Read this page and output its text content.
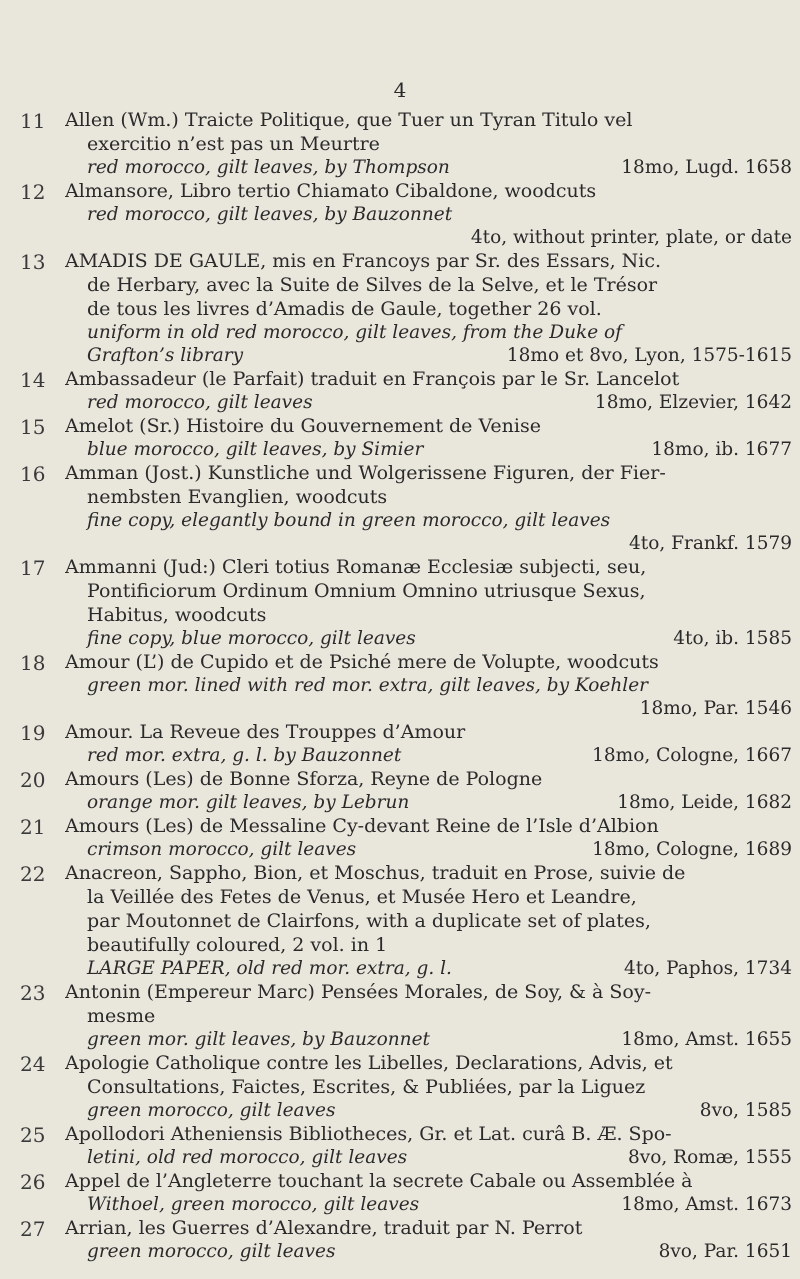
4
11	Allen (Wm.) Traicte Politique, que Tuer un Tyran Titulo vel
exercitio n’est pas un Meurtre
red morocco, gilt leaves, by Thompson	18mo, Lugd. 1658
12	Almansore, Libro tertio Chiamato Cibaldone, woodcuts
red morocco, gilt leaves, by Bauzonnet
4to, without printer, plate, or date
13	AMADIS DE GAULE, mis en Francoys par Sr. des Essars, Nic.
de Herbary, avec la Suite de Silves de la Selve, et le Trésor
de tous les livres d’Amadis de Gaule, together 26 vol.
uniform in old red morocco, gilt leaves, from the Duke of
Grafton’s library	18mo et 8vo, Lyon, 1575-1615
14	Ambassadeur (le Parfait) traduit en François par le Sr. Lancelot
red morocco, gilt leaves	18mo, Elzevier, 1642
15	Amelot (Sr.) Histoire du Gouvernement de Venise
blue morocco, gilt leaves, by Simier	18mo, ib. 1677
16	Amman (Jost.) Kunstliche und Wolgerissene Figuren, der Fier-
nembsten Evanglien, woodcuts
fine copy, elegantly bound in green morocco, gilt leaves
4to, Frankf. 1579
17	Ammanni (Jud:) Cleri totius Romanæ Ecclesiæ subjecti, seu,
Pontificiorum Ordinum Omnium Omnino utriusque Sexus,
Habitus, woodcuts
fine copy, blue morocco, gilt leaves	4to, ib. 1585
18	Amour (L’) de Cupido et de Psiché mere de Volupte, woodcuts
green mor. lined with red mor. extra, gilt leaves, by Koehler
18mo, Par. 1546
19	Amour. La Reveue des Trouppes d’Amour
red mor. extra, g. l. by Bauzonnet	18mo, Cologne, 1667
20	Amours (Les) de Bonne Sforza, Reyne de Pologne
orange mor. gilt leaves, by Lebrun	18mo, Leide, 1682
21	Amours (Les) de Messaline Cy-devant Reine de l’Isle d’Albion
crimson morocco, gilt leaves	18mo, Cologne, 1689
22	Anacreon, Sappho, Bion, et Moschus, traduit en Prose, suivie de
la Veillée des Fetes de Venus, et Musée Hero et Leandre,
par Moutonnet de Clairfons, with a duplicate set of plates,
beautifully coloured, 2 vol. in 1
LARGE PAPER, old red mor. extra, g. l.	4to, Paphos, 1734
23	Antonin (Empereur Marc) Pensées Morales, de Soy, & à Soy-
mesme
green mor. gilt leaves, by Bauzonnet	18mo, Amst. 1655
24	Apologie Catholique contre les Libelles, Declarations, Advis, et
Consultations, Faictes, Escrites, & Publiées, par la Liguez
green morocco, gilt leaves	8vo, 1585
25	Apollodori Atheniensis Bibliotheces, Gr. et Lat. curâ B. Æ. Spo-
letini, old red morocco, gilt leaves	8vo, Romæ, 1555
26	Appel de l’Angleterre touchant la secrete Cabale ou Assemblée à
Withoel, green morocco, gilt leaves	18mo, Amst. 1673
27	Arrian, les Guerres d’Alexandre, traduit par N. Perrot
green morocco, gilt leaves	8vo, Par. 1651
